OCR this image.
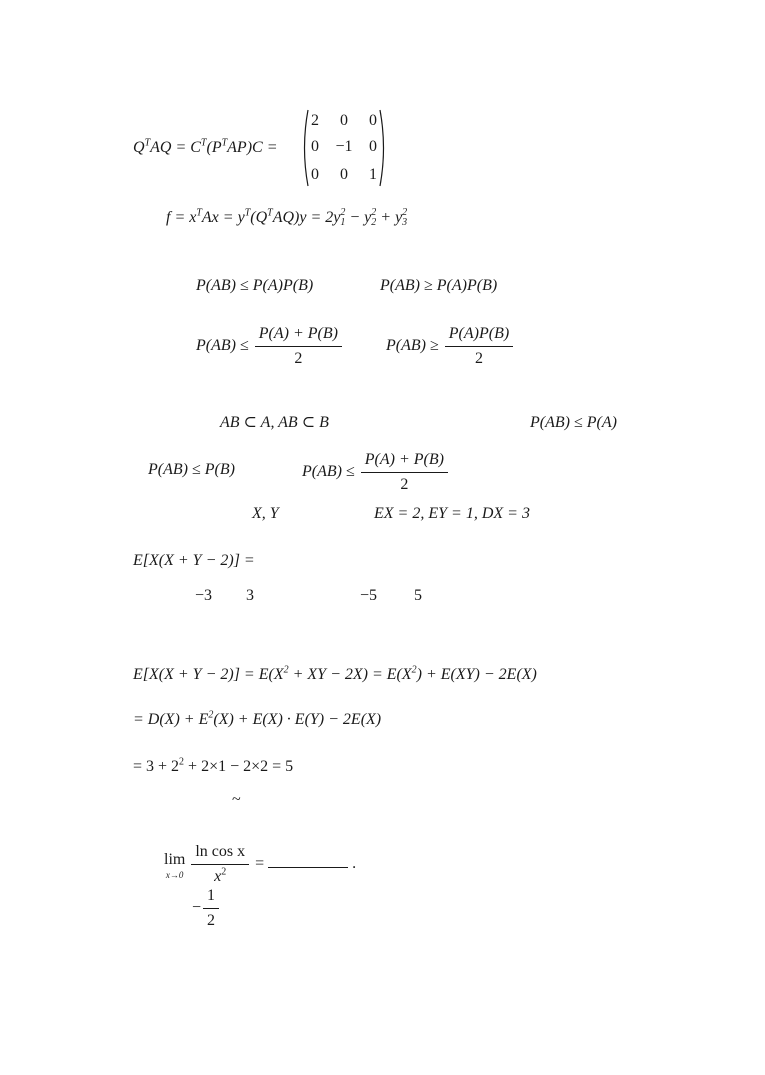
$Q^TAQ = C^T(P^TAP)C$ =
2	0	0
0	−1	0
0	0	1
$f = x^TAx = y^T(Q^TAQ)y = 2y$ 2
1 − y 2
2 + y 2
3
P(AB) ≤ P(A)P(B)	P(AB) ≥ P(A)P(B)
$P(AB) \le \frac{P(A) + P(B)}{2}$	$P(AB) \ge \frac{P(A)P(B)}{2}$
AB ⊂ A, AB ⊂ B	P(AB) ≤ P(A)
P(AB) ≤ P(B)	$P(AB) \le \frac{P(A) + P(B)}{2}$
X, Y	EX = 2, EY = 1, DX = 3
E[X(X + Y − 2)] =
−3 3	−5 5
$E[X(X + Y - 2)] = E(X^2$ + XY − $2X) = E(X^2) + E(XY) - 2E(X)$
= $D(X) + E^2(X) + E(X) \cdot E(Y) - 2E(X)$
= $3 + 2^2 + 2\times 1 - 2\times 2 = 5$
~
lim
x→0
$\frac{\text{ln cos x}}{x^2}$ =	.
− $\frac{1}{2}$
